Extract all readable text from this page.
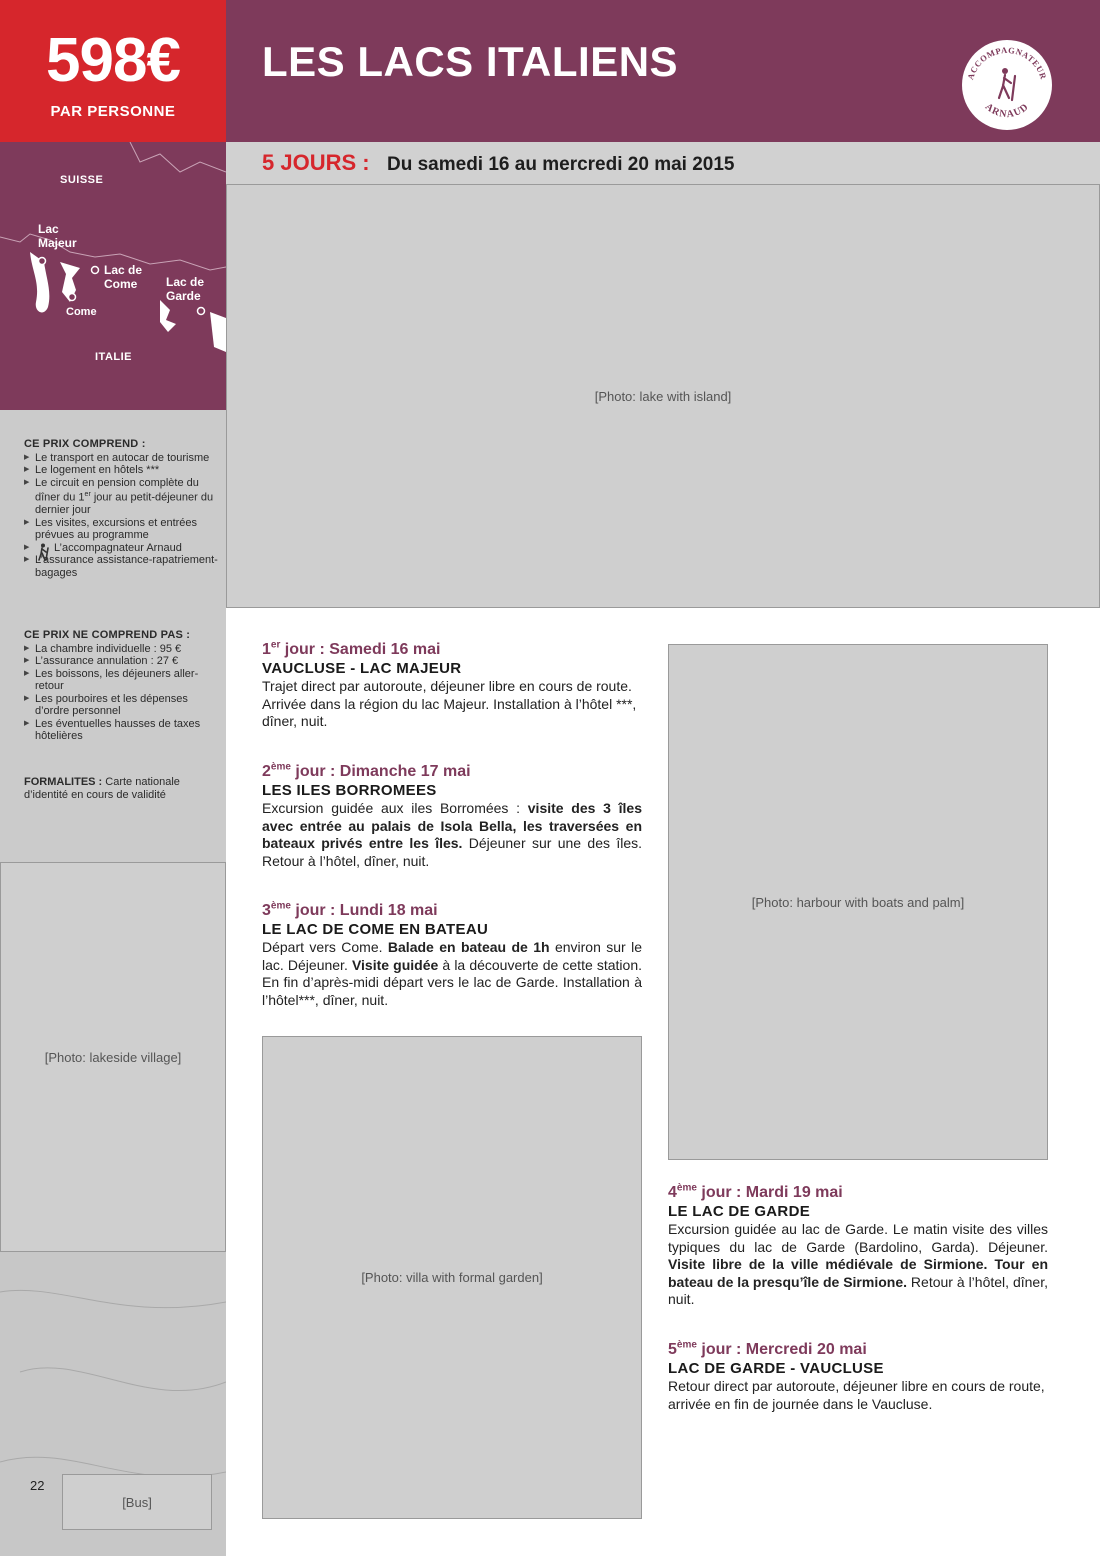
598€
PAR PERSONNE
SUISSE
Lac
Majeur
Lac de
Come
Come
Lac de
Garde
ITALIE
CE PRIX COMPREND :
▶ Le transport en autocar de tourisme
▶ Le logement en hôtels ***
▶ Le circuit en pension complète du dîner du 1er jour au petit-déjeuner du dernier jour
▶ Les visites, excursions et entrées prévues au programme
▶ L’accompagnateur Arnaud
▶ L’assurance assistance-rapatriement-bagages
CE PRIX NE COMPREND PAS :
▶ La chambre individuelle : 95 €
▶ L’assurance annulation : 27 €
▶ Les boissons, les déjeuners aller-retour
▶ Les pourboires et les dépenses d’ordre personnel
▶ Les éventuelles hausses de taxes hôtelières
FORMALITES : Carte nationale d’identité en cours de validité
[Photo: lakeside village]
22
[Bus]
LES LACS ITALIENS	ACCOMPAGNATEUR
ARNAUD
5 JOURS : Du samedi 16 au mercredi 20 mai 2015
[Photo: lake with island]
1er jour : Samedi 16 mai
VAUCLUSE - LAC MAJEUR
Trajet direct par autoroute, déjeuner libre en cours de route. Arrivée dans la région du lac Majeur. Installation à l’hôtel ***, dîner, nuit.
2ème jour : Dimanche 17 mai
LES ILES BORROMEES
Excursion guidée aux iles Borromées : visite des 3 îles avec entrée au palais de Isola Bella, les traversées en bateaux privés entre les îles. Déjeuner sur une des îles. Retour à l’hôtel, dîner, nuit.
3ème jour : Lundi 18 mai
LE LAC DE COME EN BATEAU
Départ vers Come. Balade en bateau de 1h environ sur le lac. Déjeuner. Visite guidée à la découverte de cette station. En fin d’après-midi départ vers le lac de Garde. Installation à l’hôtel***, dîner, nuit.
[Photo: villa with formal garden]
[Photo: harbour with boats and palm]
4ème jour : Mardi 19 mai
LE LAC DE GARDE
Excursion guidée au lac de Garde. Le matin visite des villes typiques du lac de Garde (Bardolino, Garda). Déjeuner. Visite libre de la ville médiévale de Sirmione. Tour en bateau de la presqu’île de Sirmione. Retour à l’hôtel, dîner, nuit.
5ème jour : Mercredi 20 mai
LAC DE GARDE - VAUCLUSE
Retour direct par autoroute, déjeuner libre en cours de route, arrivée en fin de journée dans le Vaucluse.
